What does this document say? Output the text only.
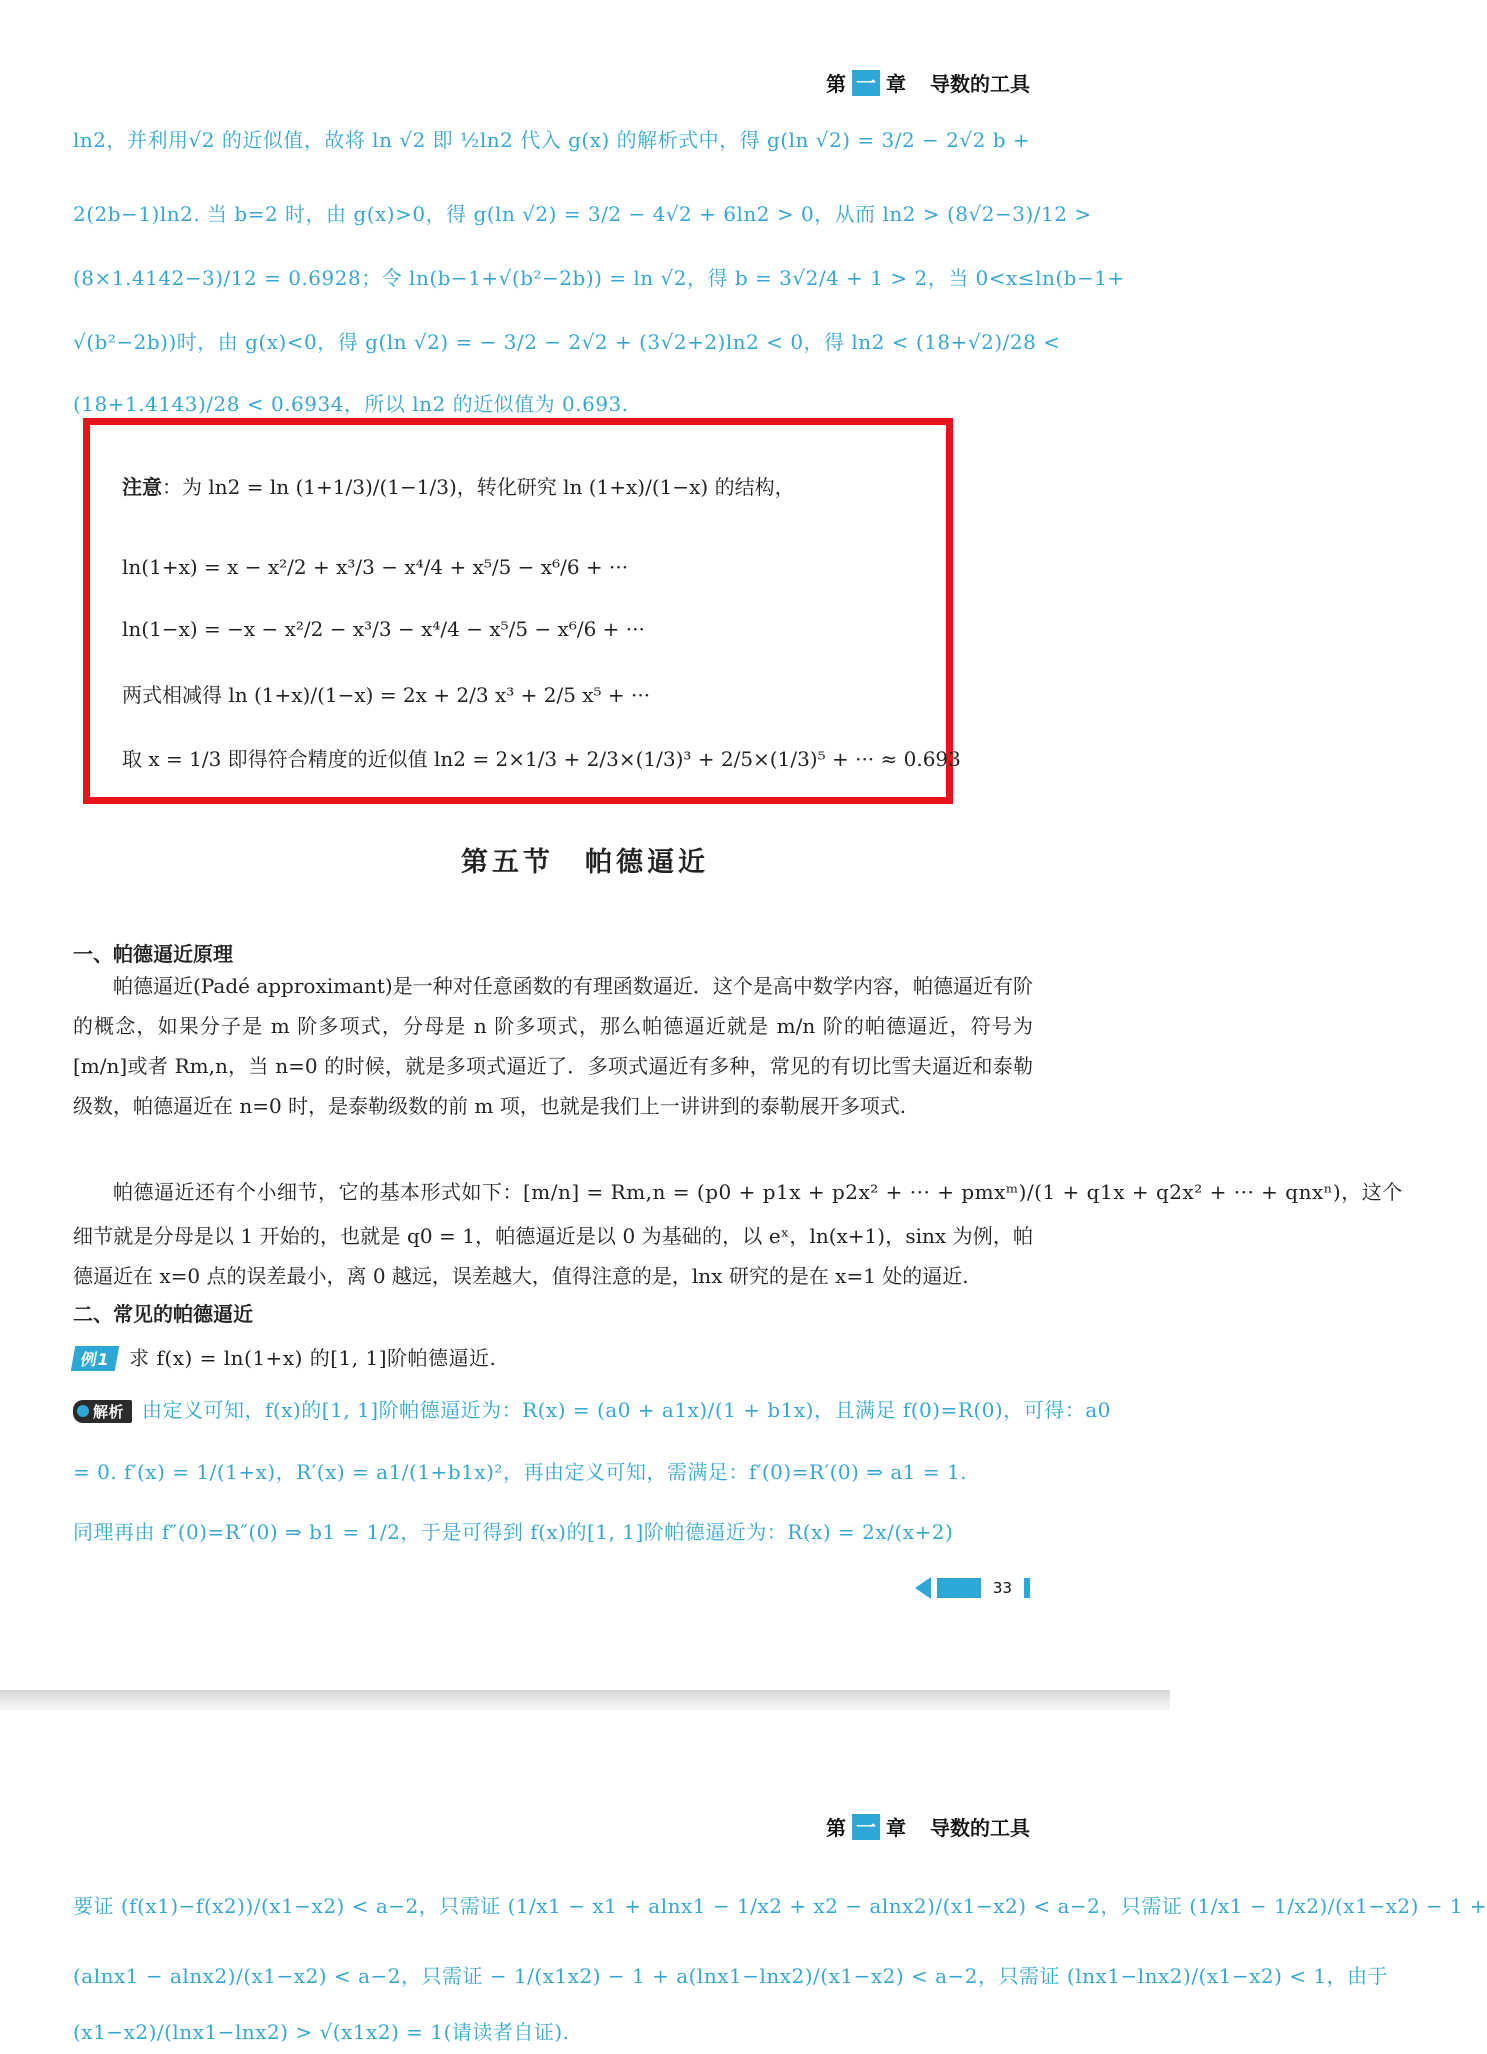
第 一 章 导数的工具
ln2，并利用√2 的近似值，故将 ln √2 即 ½ln2 代入 g(x) 的解析式中，得 g(ln √2) = 3/2 − 2√2 b +
2(2b−1)ln2. 当 b=2 时，由 g(x)>0，得 g(ln √2) = 3/2 − 4√2 + 6ln2 > 0，从而 ln2 > (8√2−3)/12 >
(8×1.4142−3)/12 = 0.6928；令 ln(b−1+√(b²−2b)) = ln √2，得 b = 3√2/4 + 1 > 2，当 0<x≤ln(b−1+
√(b²−2b))时，由 g(x)<0，得 g(ln √2) = − 3/2 − 2√2 + (3√2+2)ln2 < 0，得 ln2 < (18+√2)/28 <
(18+1.4143)/28 < 0.6934，所以 ln2 的近似值为 0.693.
注意：为 ln2 = ln (1+1/3)/(1−1/3)，转化研究 ln (1+x)/(1−x) 的结构，
ln(1+x) = x − x²/2 + x³/3 − x⁴/4 + x⁵/5 − x⁶/6 + ···
ln(1−x) = −x − x²/2 − x³/3 − x⁴/4 − x⁵/5 − x⁶/6 + ···
两式相减得 ln (1+x)/(1−x) = 2x + 2/3 x³ + 2/5 x⁵ + ···
取 x = 1/3 即得符合精度的近似值 ln2 = 2×1/3 + 2/3×(1/3)³ + 2/5×(1/3)⁵ + ··· ≈ 0.693
第五节　帕德逼近
一、帕德逼近原理
帕德逼近(Padé approximant)是一种对任意函数的有理函数逼近．这个是高中数学内容，帕德逼近有阶的概念，如果分子是 m 阶多项式，分母是 n 阶多项式，那么帕德逼近就是 m/n 阶的帕德逼近，符号为[m/n]或者 Rm,n，当 n=0 的时候，就是多项式逼近了．多项式逼近有多种，常见的有切比雪夫逼近和泰勒级数，帕德逼近在 n=0 时，是泰勒级数的前 m 项，也就是我们上一讲讲到的泰勒展开多项式.
帕德逼近还有个小细节，它的基本形式如下：[m/n] = Rm,n = (p0 + p1x + p2x² + ··· + pmxᵐ)/(1 + q1x + q2x² + ··· + qnxⁿ)，这个
细节就是分母是以 1 开始的，也就是 q0 = 1，帕德逼近是以 0 为基础的，以 eˣ，ln(x+1)，sinx 为例，帕德逼近在 x=0 点的误差最小，离 0 越远，误差越大，值得注意的是，lnx 研究的是在 x=1 处的逼近.
二、常见的帕德逼近
例1 求 f(x) = ln(1+x) 的[1, 1]阶帕德逼近.
解析 由定义可知，f(x)的[1, 1]阶帕德逼近为：R(x) = (a0 + a1x)/(1 + b1x)，且满足 f(0)=R(0)，可得：a0
= 0. f′(x) = 1/(1+x)，R′(x) = a1/(1+b1x)²，再由定义可知，需满足：f′(0)=R′(0) ⇒ a1 = 1.
同理再由 f″(0)=R″(0) ⇒ b1 = 1/2，于是可得到 f(x)的[1, 1]阶帕德逼近为：R(x) = 2x/(x+2)
33
第 一 章 导数的工具
要证 (f(x1)−f(x2))/(x1−x2) < a−2，只需证 (1/x1 − x1 + alnx1 − 1/x2 + x2 − alnx2)/(x1−x2) < a−2，只需证 (1/x1 − 1/x2)/(x1−x2) − 1 +
(alnx1 − alnx2)/(x1−x2) < a−2，只需证 − 1/(x1x2) − 1 + a(lnx1−lnx2)/(x1−x2) < a−2，只需证 (lnx1−lnx2)/(x1−x2) < 1，由于
(x1−x2)/(lnx1−lnx2) > √(x1x2) = 1(请读者自证).
